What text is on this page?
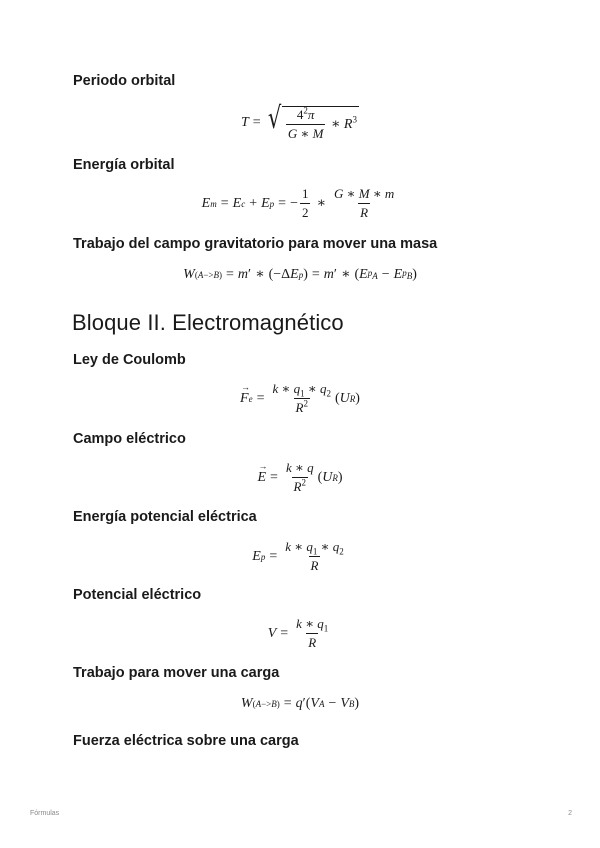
Periodo orbital
T = √ $\frac{4^2\pi}{G ∗ M}$ ∗ $R^3$
Energía orbital
E m = E c + E p = − $\frac{1}{2}$ ∗ $\frac{G ∗ M ∗ m}{R}$
Trabajo del campo gravitatorio para mover una masa
W (A−>B) = m ′ ∗ (−Δ E p ) = m ′ ∗ ( E $p_A - E$ $p_B$ )
Bloque II. Electromagnético
Ley de Coulomb
→ F $e = \frac{k ∗ q_1 ∗ q_2}{R^2}$ ( U R )
Campo eléctrico
→ $E = \frac{k ∗ q}{R^2}$ ( U R )
Energía potencial eléctrica
E $p = \frac{k ∗ q_1 ∗ q_2}{R}$
Potencial eléctrico
$V = \frac{k ∗ q_1}{R}$
Trabajo para mover una carga
W (A−>B) = q ′( V A − V B )
Fuerza eléctrica sobre una carga
Fórmulas	2
